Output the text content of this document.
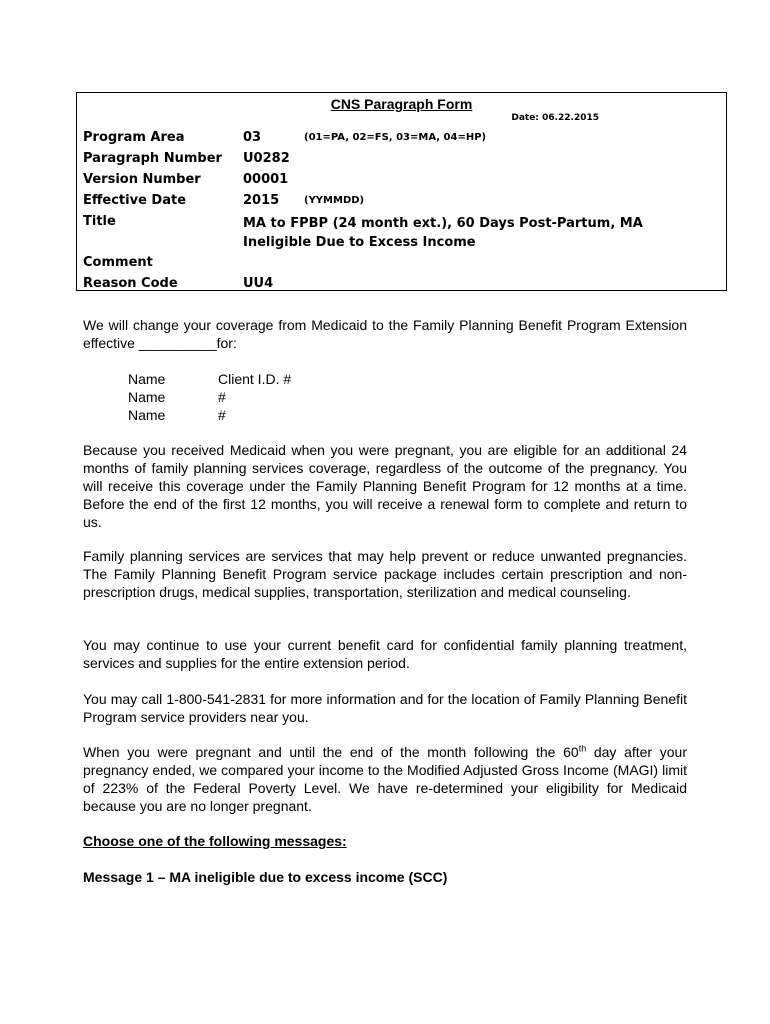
CNS Paragraph Form
Date: 06.22.2015
Program Area	03	(01=PA, 02=FS, 03=MA, 04=HP)
Paragraph Number U0282
Version Number	00001
Effective Date	2015 (YYMMDD)
Title	MA to FPBP (24 month ext.), 60 Days Post-Partum, MA Ineligible Due to Excess Income
Comment
Reason Code	UU4

We will change your coverage from Medicaid to the Family Planning Benefit Program Extension effective __________for:

Name	Client I.D. #
Name	#
Name	#

Because you received Medicaid when you were pregnant, you are eligible for an additional 24 months of family planning services coverage, regardless of the outcome of the pregnancy. You will receive this coverage under the Family Planning Benefit Program for 12 months at a time. Before the end of the first 12 months, you will receive a renewal form to complete and return to us.

Family planning services are services that may help prevent or reduce unwanted pregnancies. The Family Planning Benefit Program service package includes certain prescription and non-prescription drugs, medical supplies, transportation, sterilization and medical counseling.

You may continue to use your current benefit card for confidential family planning treatment, services and supplies for the entire extension period.

You may call 1-800-541-2831 for more information and for the location of Family Planning Benefit Program service providers near you.

When you were pregnant and until the end of the month following the 60th day after your pregnancy ended, we compared your income to the Modified Adjusted Gross Income (MAGI) limit of 223% of the Federal Poverty Level. We have re-determined your eligibility for Medicaid because you are no longer pregnant.

Choose one of the following messages:
Message 1 – MA ineligible due to excess income (SCC)
